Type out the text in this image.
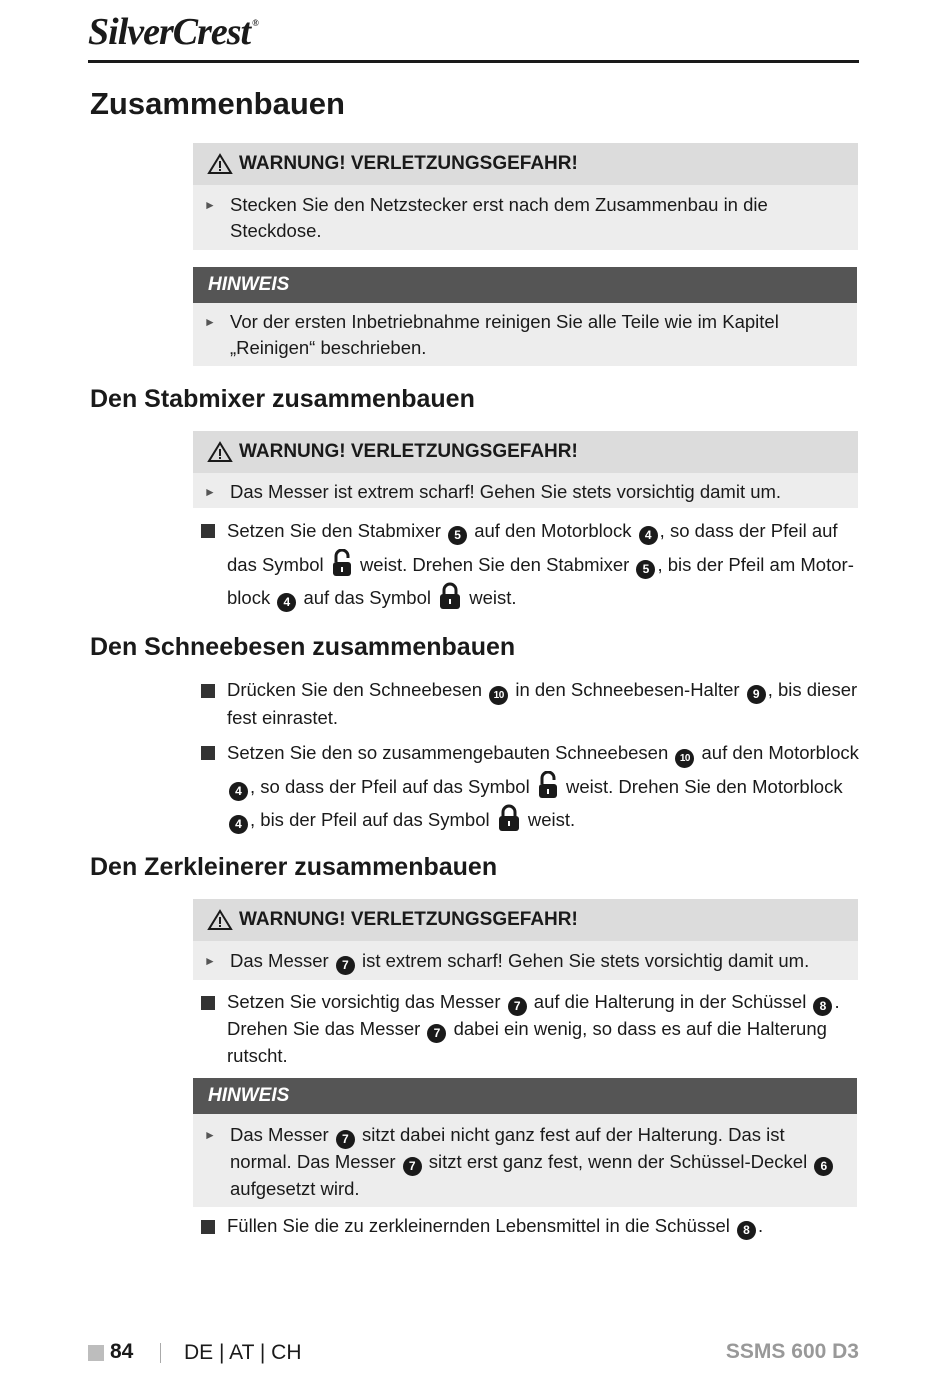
SilverCrest ®
Zusammenbauen
WARNUNG! VERLETZUNGSGEFAHR!
► Stecken Sie den Netzstecker erst nach dem Zusammenbau in die Steckdose.
HINWEIS
► Vor der ersten Inbetriebnahme reinigen Sie alle Teile wie im Kapitel „Reinigen“ beschrieben.
Den Stabmixer zusammenbauen
WARNUNG! VERLETZUNGSGEFAHR!
► Das Messer ist extrem scharf! Gehen Sie stets vorsichtig damit um.
Setzen Sie den Stabmixer 5 auf den Motorblock 4 , so dass der Pfeil auf das Symbol weist. Drehen Sie den Stabmixer 5 , bis der Pfeil am Motor-block 4 auf das Symbol weist.
Den Schneebesen zusammenbauen
Drücken Sie den Schneebesen 10 in den Schneebesen-Halter 9 , bis dieser fest einrastet.
Setzen Sie den so zusammengebauten Schneebesen 10 auf den Motorblock 4 , so dass der Pfeil auf das Symbol weist. Drehen Sie den Motorblock 4 , bis der Pfeil auf das Symbol weist.
Den Zerkleinerer zusammenbauen
WARNUNG! VERLETZUNGSGEFAHR!
► Das Messer 7 ist extrem scharf! Gehen Sie stets vorsichtig damit um.
Setzen Sie vorsichtig das Messer 7 auf die Halterung in der Schüssel 8 . Drehen Sie das Messer 7 dabei ein wenig, so dass es auf die Halterung rutscht.
HINWEIS
► Das Messer 7 sitzt dabei nicht ganz fest auf der Halterung. Das ist normal. Das Messer 7 sitzt erst ganz fest, wenn der Schüssel-Deckel 6 aufgesetzt wird.
Füllen Sie die zu zerkleinernden Lebensmittel in die Schüssel 8 .
84 DE | AT | CH	SSMS 600 D3
